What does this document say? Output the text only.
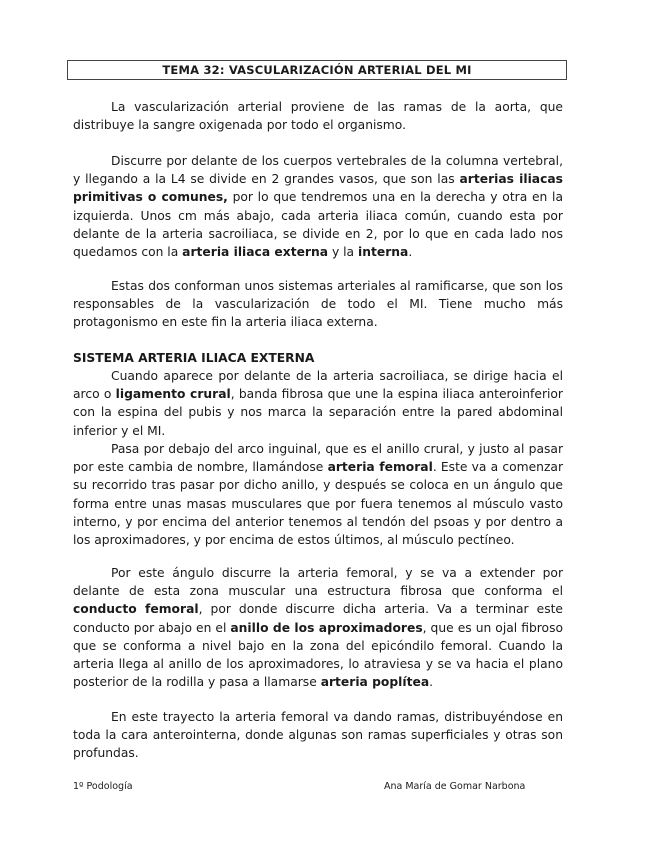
TEMA 32: VASCULARIZACIÓN ARTERIAL DEL MI

La vascularización arterial proviene de las ramas de la aorta, que distribuye la sangre oxigenada por todo el organismo.

Discurre por delante de los cuerpos vertebrales de la columna vertebral, y llegando a la L4 se divide en 2 grandes vasos, que son las arterias iliacas primitivas o comunes, por lo que tendremos una en la derecha y otra en la izquierda. Unos cm más abajo, cada arteria iliaca común, cuando esta por delante de la arteria sacroiliaca, se divide en 2, por lo que en cada lado nos quedamos con la arteria iliaca externa y la interna.

Estas dos conforman unos sistemas arteriales al ramificarse, que son los responsables de la vascularización de todo el MI. Tiene mucho más protagonismo en este fin la arteria iliaca externa.

SISTEMA ARTERIA ILIACA EXTERNA

Cuando aparece por delante de la arteria sacroiliaca, se dirige hacia el arco o ligamento crural, banda fibrosa que une la espina iliaca anteroinferior con la espina del pubis y nos marca la separación entre la pared abdominal inferior y el MI.

Pasa por debajo del arco inguinal, que es el anillo crural, y justo al pasar por este cambia de nombre, llamándose arteria femoral. Este va a comenzar su recorrido tras pasar por dicho anillo, y después se coloca en un ángulo que forma entre unas masas musculares que por fuera tenemos al músculo vasto interno, y por encima del anterior tenemos al tendón del psoas y por dentro a los aproximadores, y por encima de estos últimos, al músculo pectíneo.

Por este ángulo discurre la arteria femoral, y se va a extender por delante de esta zona muscular una estructura fibrosa que conforma el conducto femoral, por donde discurre dicha arteria. Va a terminar este conducto por abajo en el anillo de los aproximadores, que es un ojal fibroso que se conforma a nivel bajo en la zona del epicóndilo femoral. Cuando la arteria llega al anillo de los aproximadores, lo atraviesa y se va hacia el plano posterior de la rodilla y pasa a llamarse arteria poplítea.

En este trayecto la arteria femoral va dando ramas, distribuyéndose en toda la cara anterointerna, donde algunas son ramas superficiales y otras son profundas.

1º Podología	Ana María de Gomar Narbona
